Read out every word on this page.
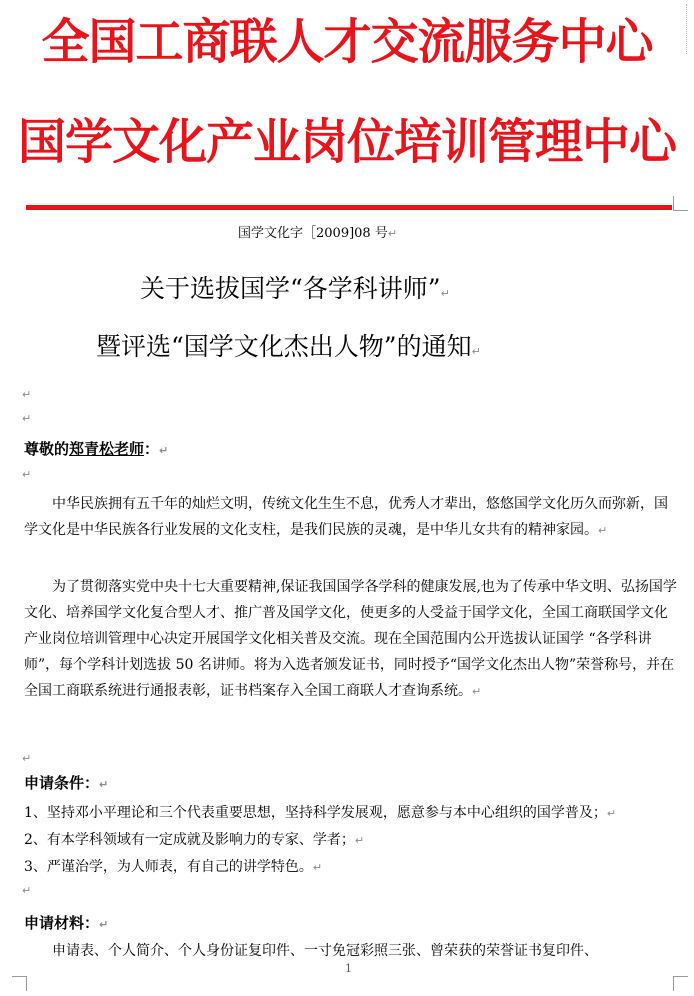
全国工商联人才交流服务中心
国学文化产业岗位培训管理中心
国学文化字［2009]08 号↵
关于选拔国学“各学科讲师”↵
暨评选“国学文化杰出人物”的通知↵
↵
↵
尊敬的郑青松老师：↵
↵

中华民族拥有五千年的灿烂文明，传统文化生生不息，优秀人才辈出，悠悠国学文化历久而弥新，国学文化是中华民族各行业发展的文化支柱，是我们民族的灵魂，是中华儿女共有的精神家园。↵

为了贯彻落实党中央十七大重要精神,保证我国国学各学科的健康发展,也为了传承中华文明、弘扬国学文化、培养国学文化复合型人才、推广普及国学文化，使更多的人受益于国学文化，全国工商联国学文化产业岗位培训管理中心决定开展国学文化相关普及交流。现在全国范围内公开选拔认证国学 “各学科讲师”，每个学科计划选拔 50 名讲师。将为入选者颁发证书，同时授予“国学文化杰出人物”荣誉称号，并在全国工商联系统进行通报表彰，证书档案存入全国工商联人才查询系统。↵

↵
申请条件：↵
1、坚持邓小平理论和三个代表重要思想，坚持科学发展观，愿意参与本中心组织的国学普及；↵
2、有本学科领域有一定成就及影响力的专家、学者；↵
3、严谨治学，为人师表，有自己的讲学特色。↵
↵
申请材料：↵
申请表、个人简介、个人身份证复印件、一寸免冠彩照三张、曾荣获的荣誉证书复印件、
1
